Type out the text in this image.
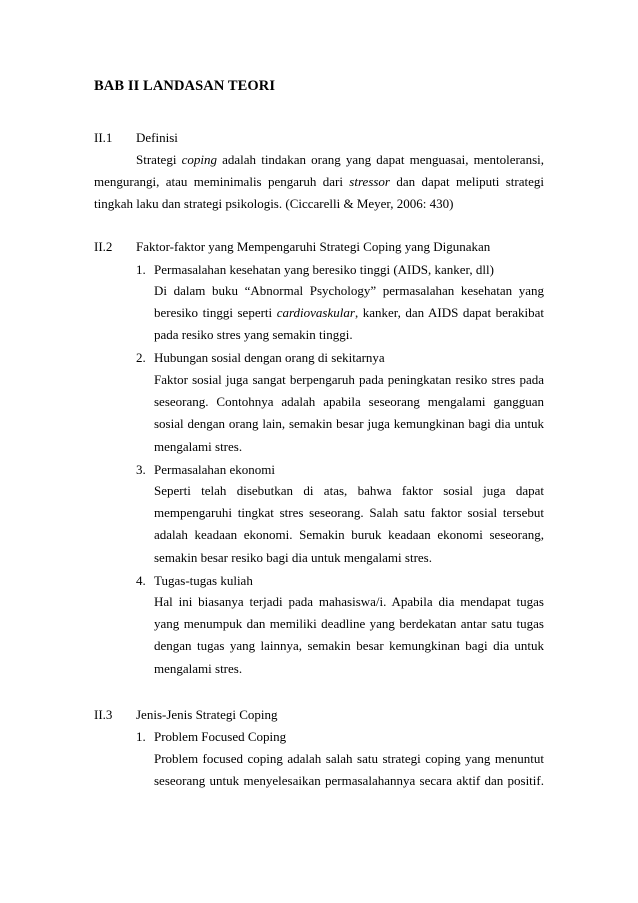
BAB II LANDASAN TEORI
II.1 Definisi
Strategi coping adalah tindakan orang yang dapat menguasai, mentoleransi,
mengurangi, atau meminimalis pengaruh dari stressor dan dapat meliputi strategi
tingkah laku dan strategi psikologis. (Ciccarelli & Meyer, 2006: 430)
II.2 Faktor-faktor yang Mempengaruhi Strategi Coping yang Digunakan
1. Permasalahan kesehatan yang beresiko tinggi (AIDS, kanker, dll)
Di dalam buku “Abnormal Psychology” permasalahan kesehatan yang
beresiko tinggi seperti cardiovaskular, kanker, dan AIDS dapat berakibat
pada resiko stres yang semakin tinggi.
2. Hubungan sosial dengan orang di sekitarnya
Faktor sosial juga sangat berpengaruh pada peningkatan resiko stres pada
seseorang. Contohnya adalah apabila seseorang mengalami gangguan
sosial dengan orang lain, semakin besar juga kemungkinan bagi dia untuk
mengalami stres.
3. Permasalahan ekonomi
Seperti telah disebutkan di atas, bahwa faktor sosial juga dapat
mempengaruhi tingkat stres seseorang. Salah satu faktor sosial tersebut
adalah keadaan ekonomi. Semakin buruk keadaan ekonomi seseorang,
semakin besar resiko bagi dia untuk mengalami stres.
4. Tugas-tugas kuliah
Hal ini biasanya terjadi pada mahasiswa/i. Apabila dia mendapat tugas
yang menumpuk dan memiliki deadline yang berdekatan antar satu tugas
dengan tugas yang lainnya, semakin besar kemungkinan bagi dia untuk
mengalami stres.
II.3 Jenis-Jenis Strategi Coping
1. Problem Focused Coping
Problem focused coping adalah salah satu strategi coping yang menuntut
seseorang untuk menyelesaikan permasalahannya secara aktif dan positif.
